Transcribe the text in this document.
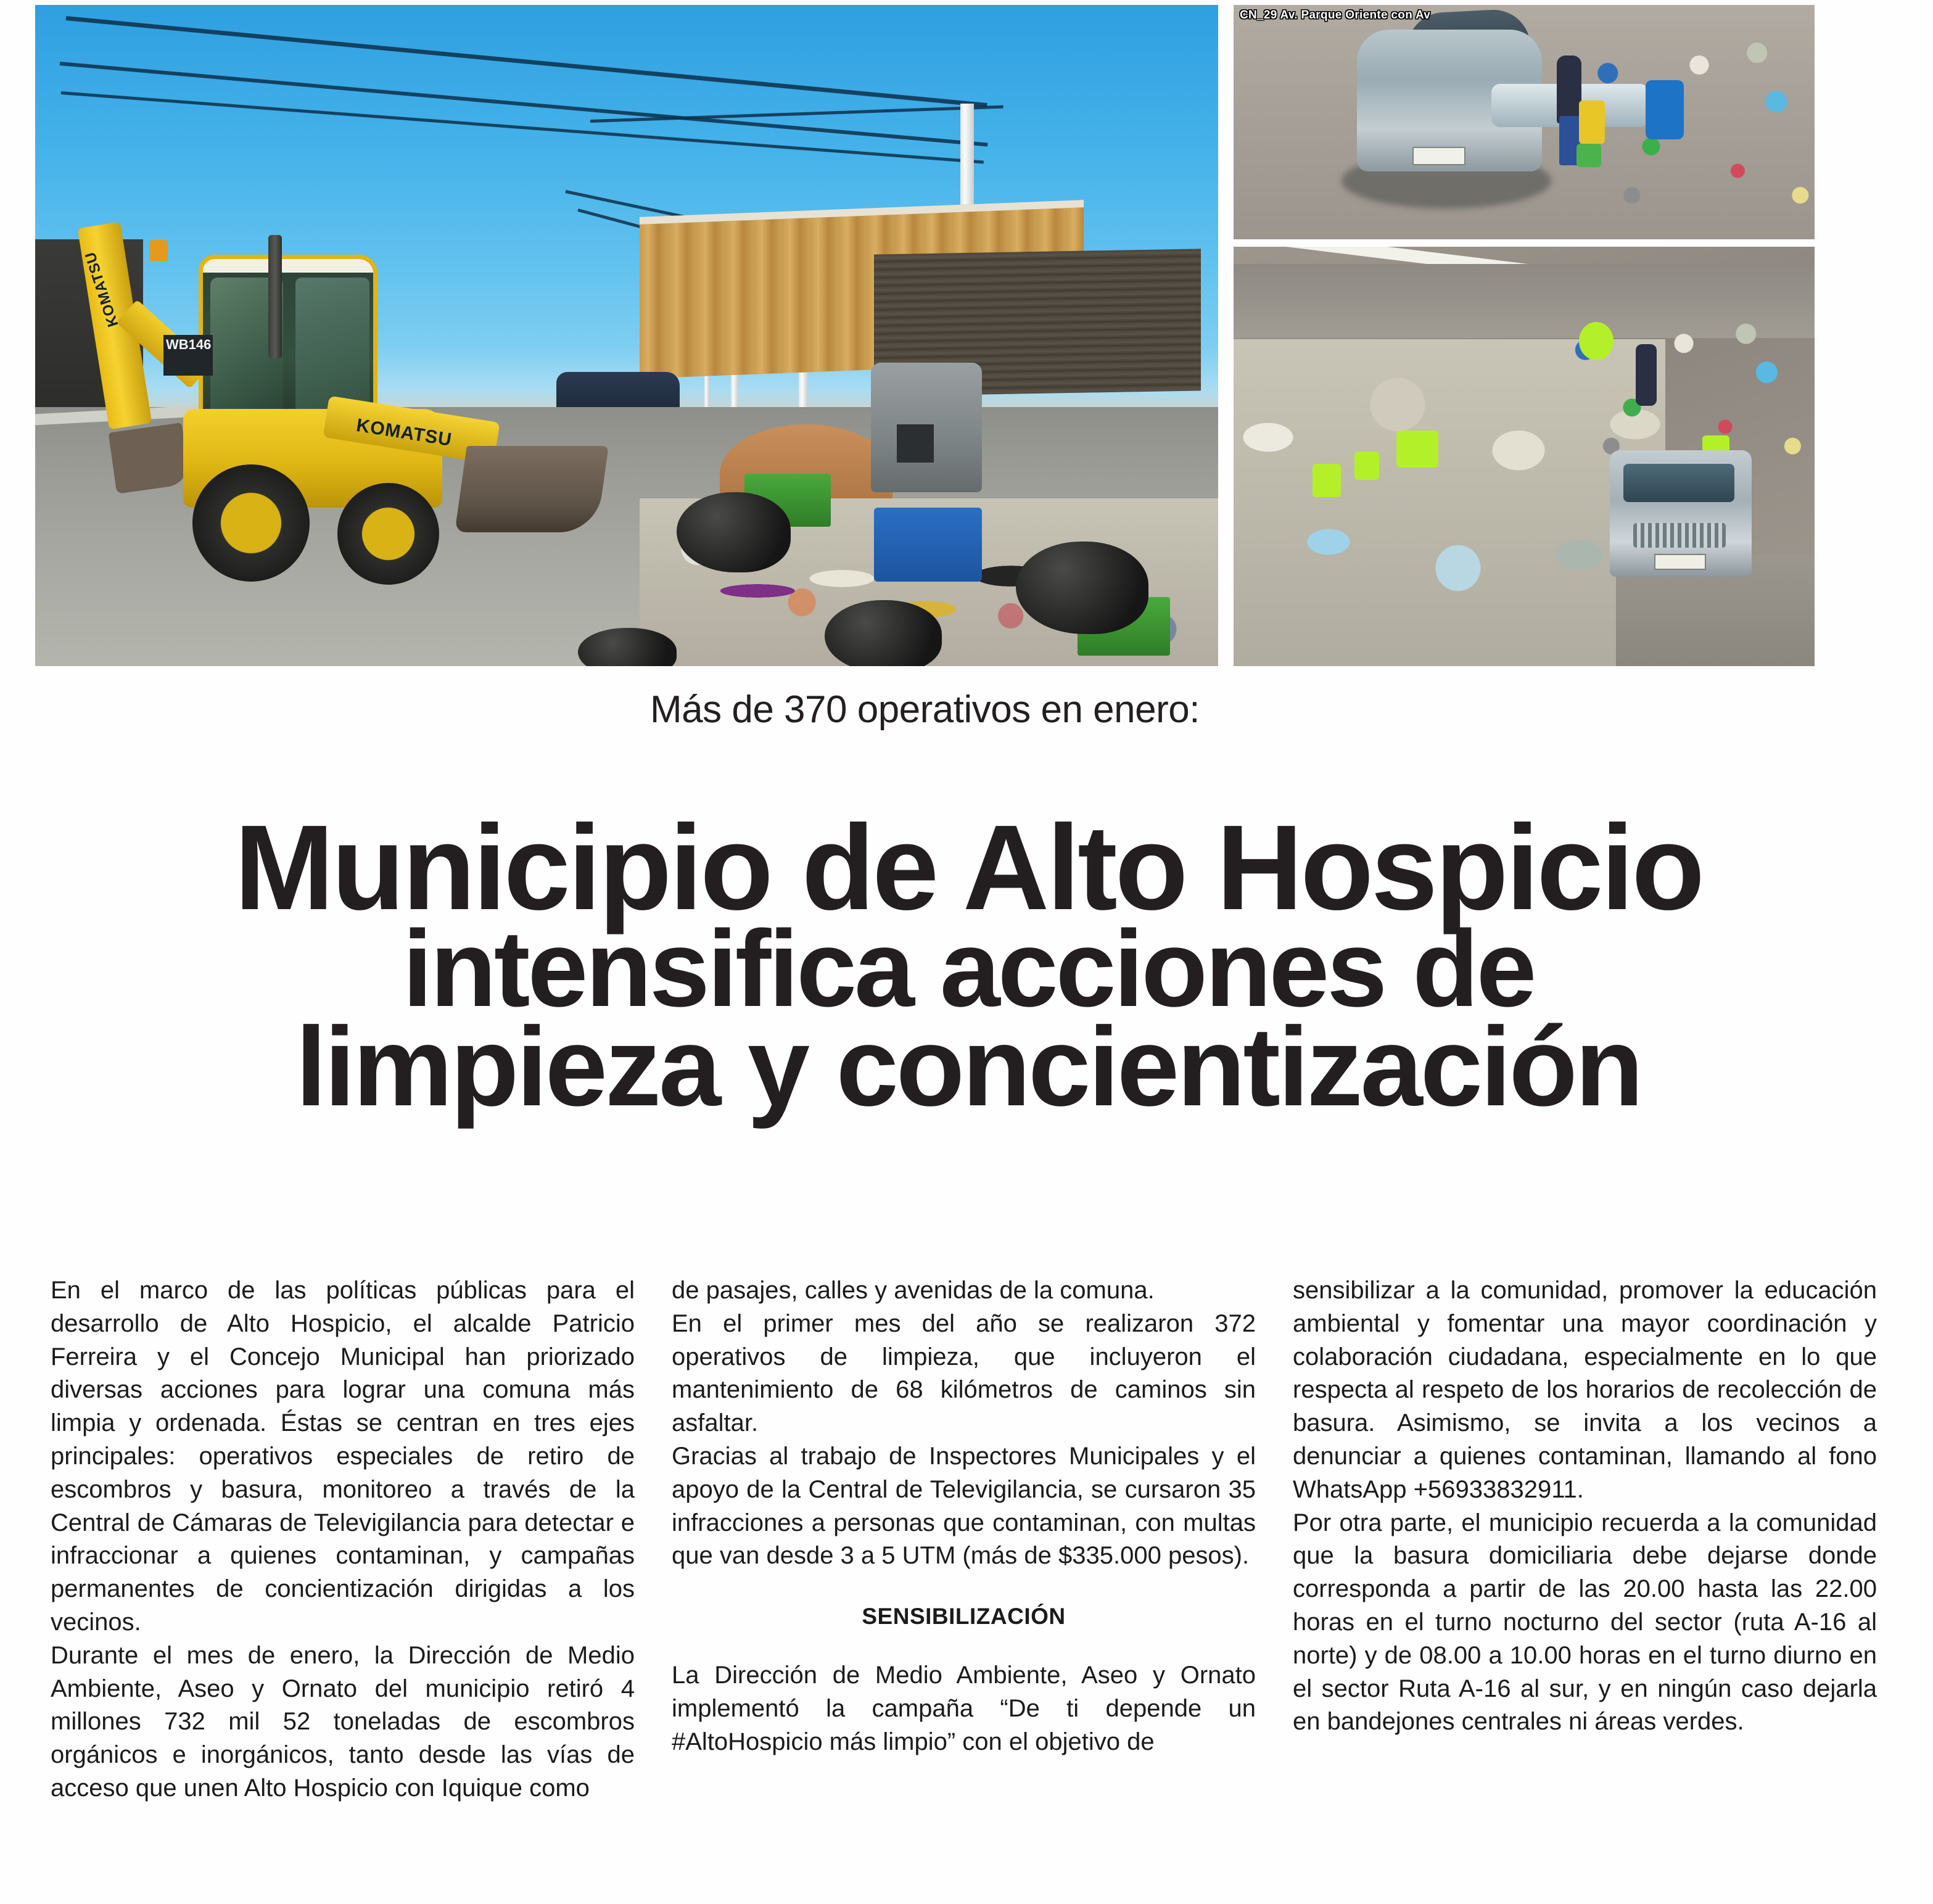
KOMATSU
WB146
KOMATSU
CN_29 Av. Parque Oriente con Av
Más de 370 operativos en enero:
Municipio de Alto Hospicio
intensifica acciones de
limpieza y concientización

En el marco de las políticas públicas para el desarrollo de Alto Hospicio, el alcalde Patricio Ferreira y el Concejo Municipal han priorizado diversas acciones para lograr una comuna más limpia y ordenada. Éstas se centran en tres ejes principales: operativos especiales de retiro de escombros y basura, monitoreo a través de la Central de Cámaras de Televigilancia para detectar e infraccionar a quienes contaminan, y campañas permanentes de concientización dirigidas a los vecinos.

Durante el mes de enero, la Dirección de Medio Ambiente, Aseo y Ornato del municipio retiró 4 millones 732 mil 52 toneladas de escombros orgánicos e inorgánicos, tanto desde las vías de acceso que unen Alto Hospicio con Iquique como

de pasajes, calles y avenidas de la comuna.

En el primer mes del año se realizaron 372 operativos de limpieza, que incluyeron el mantenimiento de 68 kilómetros de caminos sin asfaltar.

Gracias al trabajo de Inspectores Municipales y el apoyo de la Central de Televigilancia, se cursaron 35 infracciones a personas que contaminan, con multas que van desde 3 a 5 UTM (más de $335.000 pesos).

SENSIBILIZACIÓN

La Dirección de Medio Ambiente, Aseo y Ornato implementó la campaña “De ti depende un #AltoHospicio más limpio” con el objetivo de

sensibilizar a la comunidad, promover la educación ambiental y fomentar una mayor coordinación y colaboración ciudadana, especialmente en lo que respecta al respeto de los horarios de recolección de basura. Asimismo, se invita a los vecinos a denunciar a quienes contaminan, llamando al fono WhatsApp +56933832911.

Por otra parte, el municipio recuerda a la comunidad que la basura domiciliaria debe dejarse donde corresponda a partir de las 20.00 hasta las 22.00 horas en el turno nocturno del sector (ruta A-16 al norte) y de 08.00 a 10.00 horas en el turno diurno en el sector Ruta A-16 al sur, y en ningún caso dejarla en bandejones centrales ni áreas verdes.
